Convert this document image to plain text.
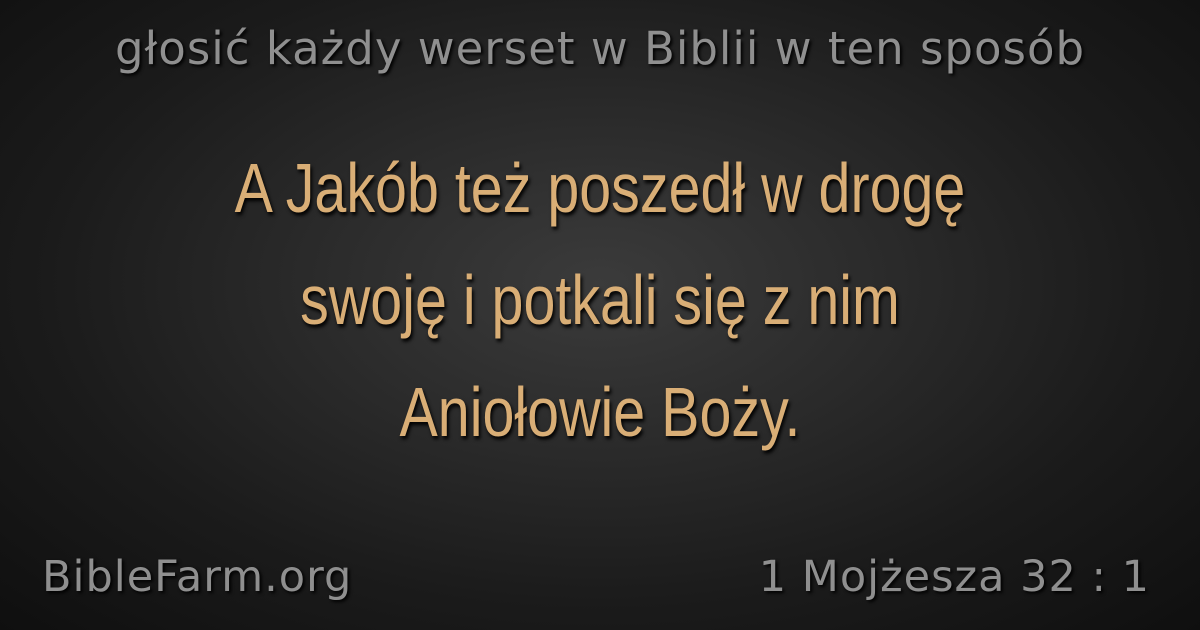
głosić każdy werset w Biblii w ten sposób
A Jakób też poszedł w drogę
swoję i potkali się z nim
Aniołowie Boży.
BibleFarm.org	1 Mojżesza 32 : 1
